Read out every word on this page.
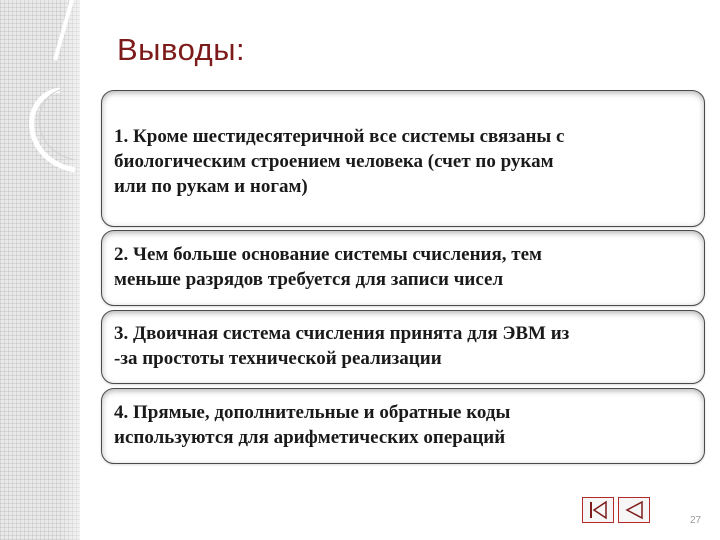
Выводы:

1. Кроме шестидесятеричной все системы связаны с
биологическим строением человека (счет по рукам
или по рукам и ногам)

2. Чем больше основание системы счисления, тем
меньше разрядов требуется для записи чисел

3. Двоичная система счисления принята для ЭВМ из
-за простоты технической реализации

4. Прямые, дополнительные и обратные коды
используются для арифметических операций

27
